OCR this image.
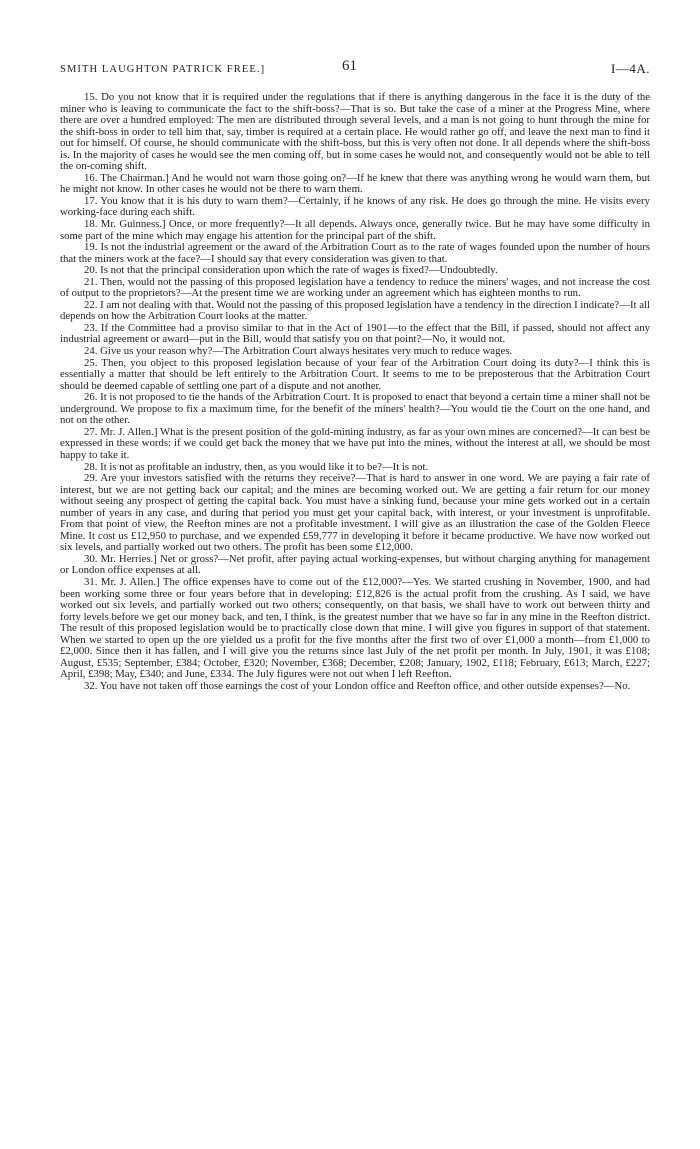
SMITH LAUGHTON PATRICK FREE.]	61	I—4A.

15. Do you not know that it is required under the regulations that if there is anything dangerous in the face it is the duty of the miner who is leaving to communicate the fact to the shift-boss?—That is so. But take the case of a miner at the Progress Mine, where there are over a hundred employed: The men are distributed through several levels, and a man is not going to hunt through the mine for the shift-boss in order to tell him that, say, timber is required at a certain place. He would rather go off, and leave the next man to find it out for himself. Of course, he should communicate with the shift-boss, but this is very often not done. It all depends where the shift-boss is. In the majority of cases he would see the men coming off, but in some cases he would not, and consequently would not be able to tell the on-coming shift.

16. The Chairman.] And he would not warn those going on?—If he knew that there was anything wrong he would warn them, but he might not know. In other cases he would not be there to warn them.

17. You know that it is his duty to warn them?—Certainly, if he knows of any risk. He does go through the mine. He visits every working-face during each shift.

18. Mr. Guinness.] Once, or more frequently?—It all depends. Always once, generally twice. But he may have some difficulty in some part of the mine which may engage his attention for the principal part of the shift.

19. Is not the industrial agreement or the award of the Arbitration Court as to the rate of wages founded upon the number of hours that the miners work at the face?—I should say that every consideration was given to that.

20. Is not that the principal consideration upon which the rate of wages is fixed?—Undoubtedly.

21. Then, would not the passing of this proposed legislation have a tendency to reduce the miners' wages, and not increase the cost of output to the proprietors?—At the present time we are working under an agreement which has eighteen months to run.

22. I am not dealing with that. Would not the passing of this proposed legislation have a tendency in the direction I indicate?—It all depends on how the Arbitration Court looks at the matter.

23. If the Committee had a proviso similar to that in the Act of 1901—to the effect that the Bill, if passed, should not affect any industrial agreement or award—put in the Bill, would that satisfy you on that point?—No, it would not.

24. Give us your reason why?—The Arbitration Court always hesitates very much to reduce wages.

25. Then, you object to this proposed legislation because of your fear of the Arbitration Court doing its duty?—I think this is essentially a matter that should be left entirely to the Arbitration Court. It seems to me to be preposterous that the Arbitration Court should be deemed capable of settling one part of a dispute and not another.

26. It is not proposed to tie the hands of the Arbitration Court. It is proposed to enact that beyond a certain time a miner shall not be underground. We propose to fix a maximum time, for the benefit of the miners' health?—You would tie the Court on the one hand, and not on the other.

27. Mr. J. Allen.] What is the present position of the gold-mining industry, as far as your own mines are concerned?—It can best be expressed in these words: if we could get back the money that we have put into the mines, without the interest at all, we should be most happy to take it.

28. It is not as profitable an industry, then, as you would like it to be?—It is not.

29. Are your investors satisfied with the returns they receive?—That is hard to answer in one word. We are paying a fair rate of interest, but we are not getting back our capital; and the mines are becoming worked out. We are getting a fair return for our money without seeing any prospect of getting the capital back. You must have a sinking fund, because your mine gets worked out in a certain number of years in any case, and during that period you must get your capital back, with interest, or your investment is unprofitable. From that point of view, the Reefton mines are not a profitable investment. I will give as an illustration the case of the Golden Fleece Mine. It cost us £12,950 to purchase, and we expended £59,777 in developing it before it became productive. We have now worked out six levels, and partially worked out two others. The profit has been some £12,000.

30. Mr. Herries.] Net or gross?—Net profit, after paying actual working-expenses, but without charging anything for management or London office expenses at all.

31. Mr. J. Allen.] The office expenses have to come out of the £12,000?—Yes. We started crushing in November, 1900, and had been working some three or four years before that in developing: £12,826 is the actual profit from the crushing. As I said, we have worked out six levels, and partially worked out two others; consequently, on that basis, we shall have to work out between thirty and forty levels before we get our money back, and ten, I think, is the greatest number that we have so far in any mine in the Reefton district. The result of this proposed legislation would be to practically close down that mine. I will give you figures in support of that statement. When we started to open up the ore yielded us a profit for the five months after the first two of over £1,000 a month—from £1,000 to £2,000. Since then it has fallen, and I will give you the returns since last July of the net profit per month. In July, 1901, it was £108; August, £535; September, £384; October, £320; November, £368; December, £208; January, 1902, £118; February, £613; March, £227; April, £398; May, £340; and June, £334. The July figures were not out when I left Reefton.

32. You have not taken off those earnings the cost of your London office and Reefton office, and other outside expenses?—No.
